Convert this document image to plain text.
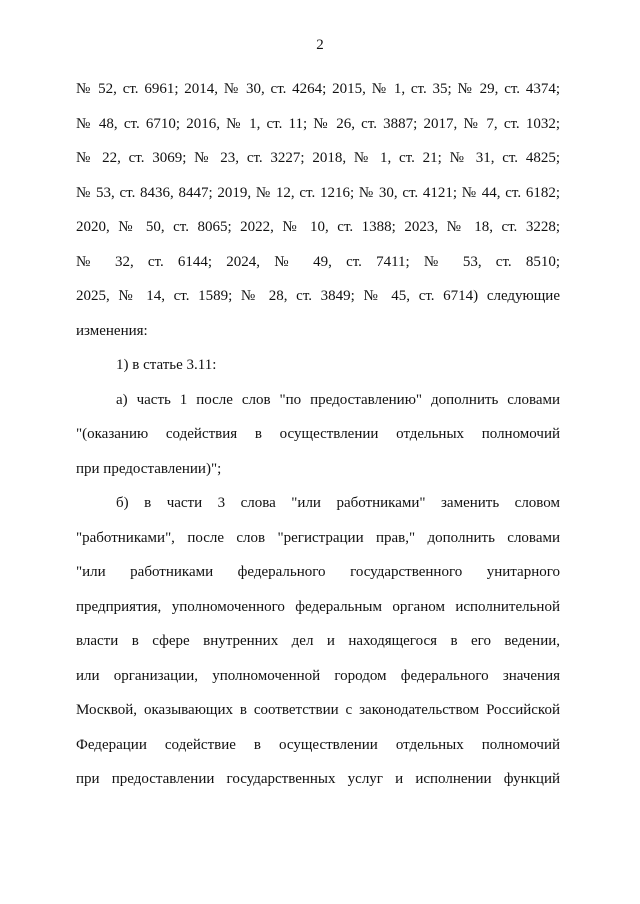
2
№ 52, ст. 6961; 2014, № 30, ст. 4264; 2015, № 1, ст. 35; № 29, ст. 4374;
№ 48, ст. 6710; 2016, № 1, ст. 11; № 26, ст. 3887; 2017, № 7, ст. 1032;
№ 22, ст. 3069; № 23, ст. 3227; 2018, № 1, ст. 21; № 31, ст. 4825;
№ 53, ст. 8436, 8447; 2019, № 12, ст. 1216; № 30, ст. 4121; № 44, ст. 6182;
2020, № 50, ст. 8065; 2022, № 10, ст. 1388; 2023, № 18, ст. 3228;
№ 32, ст. 6144; 2024, № 49, ст. 7411; № 53, ст. 8510;
2025, № 14, ст. 1589; № 28, ст. 3849; № 45, ст. 6714) следующие
изменения:
1) в статье 3.11:
а) часть 1 после слов "по предоставлению" дополнить словами
"(оказанию содействия в осуществлении отдельных полномочий
при предоставлении)";
б) в части 3 слова "или работниками" заменить словом
"работниками", после слов "регистрации прав," дополнить словами
"или работниками федерального государственного унитарного
предприятия, уполномоченного федеральным органом исполнительной
власти в сфере внутренних дел и находящегося в его ведении,
или организации, уполномоченной городом федерального значения
Москвой, оказывающих в соответствии с законодательством Российской
Федерации содействие в осуществлении отдельных полномочий
при предоставлении государственных услуг и исполнении функций
